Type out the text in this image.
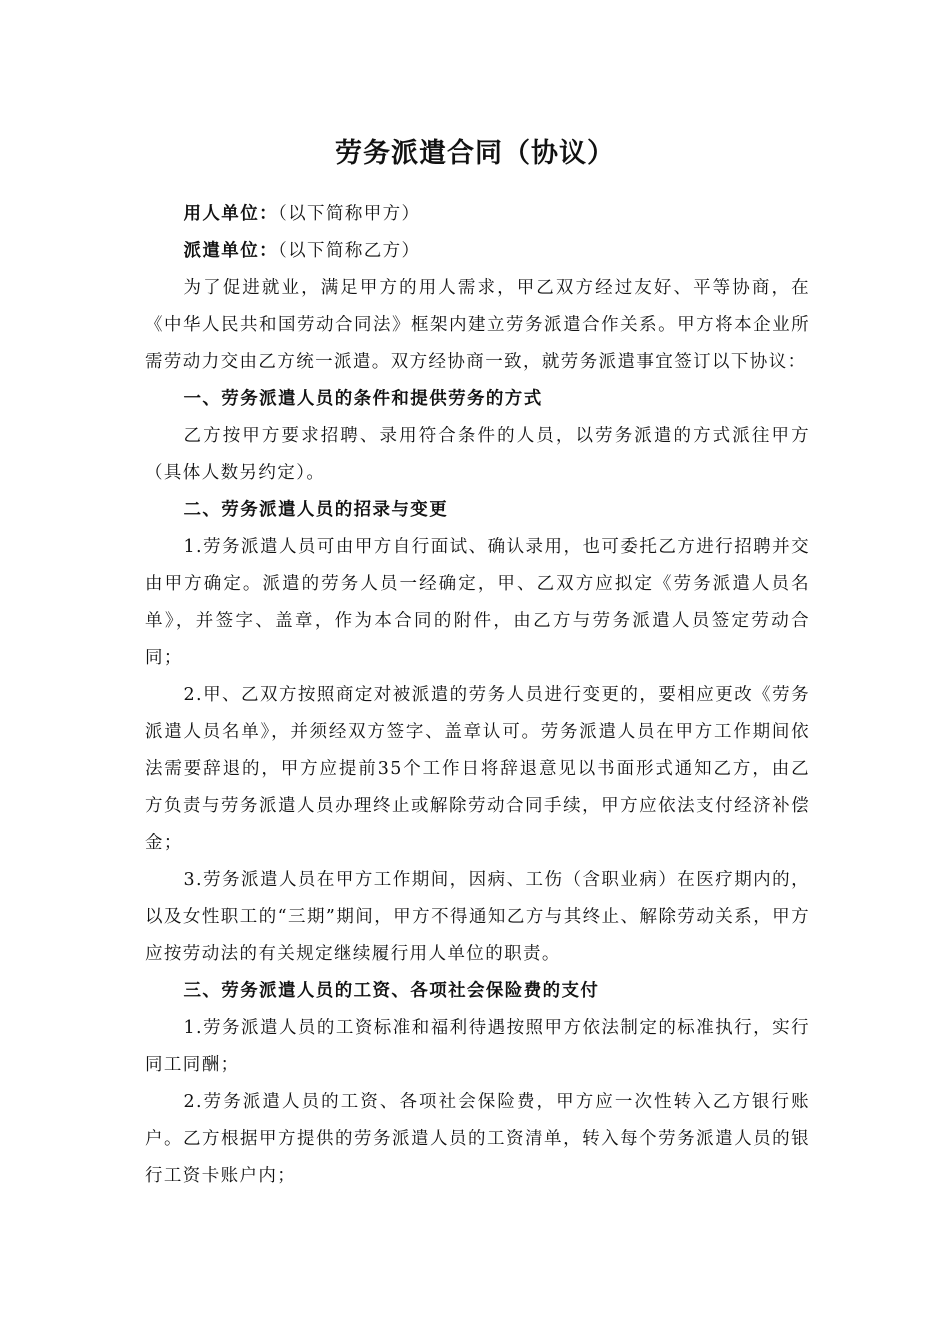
劳务派遣合同（协议）

用人单位：（以下简称甲方）

派遣单位：（以下简称乙方）

为了促进就业，满足甲方的用人需求，甲乙双方经过友好、平等协商，在《中华人民共和国劳动合同法》框架内建立劳务派遣合作关系。甲方将本企业所需劳动力交由乙方统一派遣。双方经协商一致，就劳务派遣事宜签订以下协议：

一、劳务派遣人员的条件和提供劳务的方式

乙方按甲方要求招聘、录用符合条件的人员，以劳务派遣的方式派往甲方（具体人数另约定）。

二、劳务派遣人员的招录与变更

1.劳务派遣人员可由甲方自行面试、确认录用，也可委托乙方进行招聘并交由甲方确定。派遣的劳务人员一经确定，甲、乙双方应拟定《劳务派遣人员名单》，并签字、盖章，作为本合同的附件，由乙方与劳务派遣人员签定劳动合同；

2.甲、乙双方按照商定对被派遣的劳务人员进行变更的，要相应更改《劳务派遣人员名单》，并须经双方签字、盖章认可。劳务派遣人员在甲方工作期间依法需要辞退的，甲方应提前35个工作日将辞退意见以书面形式通知乙方，由乙方负责与劳务派遣人员办理终止或解除劳动合同手续，甲方应依法支付经济补偿金；

3.劳务派遣人员在甲方工作期间，因病、工伤（含职业病）在医疗期内的，以及女性职工的“三期”期间，甲方不得通知乙方与其终止、解除劳动关系，甲方应按劳动法的有关规定继续履行用人单位的职责。

三、劳务派遣人员的工资、各项社会保险费的支付

1.劳务派遣人员的工资标准和福利待遇按照甲方依法制定的标准执行，实行同工同酬；

2.劳务派遣人员的工资、各项社会保险费，甲方应一次性转入乙方银行账户。乙方根据甲方提供的劳务派遣人员的工资清单，转入每个劳务派遣人员的银行工资卡账户内；
